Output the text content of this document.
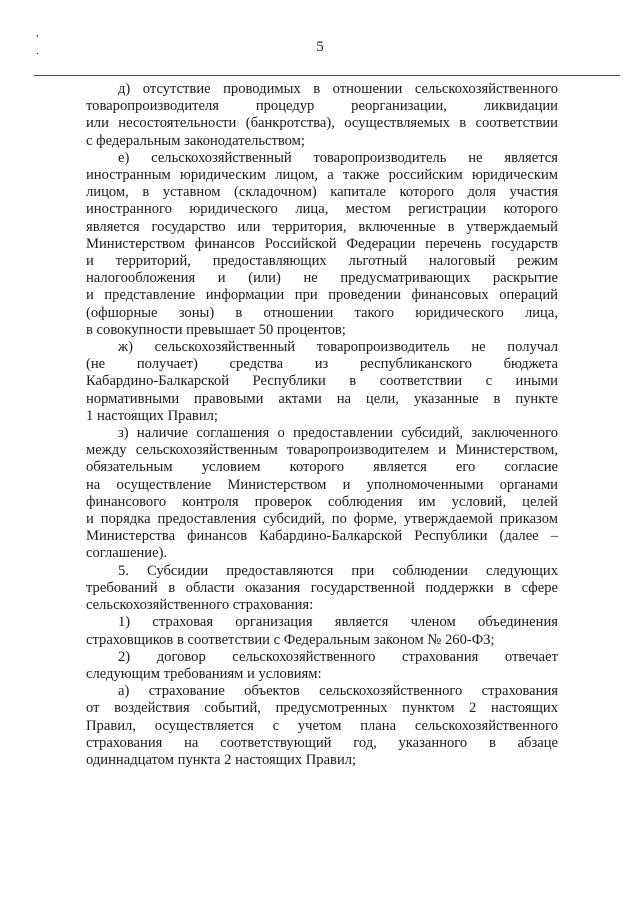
,
.	5
д) отсутствие проводимых в отношении сельскохозяйственного
товаропроизводителя процедур реорганизации, ликвидации
или несостоятельности (банкротства), осуществляемых в соответствии
с федеральным законодательством;
е) сельскохозяйственный товаропроизводитель не является
иностранным юридическим лицом, а также российским юридическим
лицом, в уставном (складочном) капитале которого доля участия
иностранного юридического лица, местом регистрации которого
является государство или территория, включенные в утверждаемый
Министерством финансов Российской Федерации перечень государств
и территорий, предоставляющих льготный налоговый режим
налогообложения и (или) не предусматривающих раскрытие
и представление информации при проведении финансовых операций
(офшорные зоны) в отношении такого юридического лица,
в совокупности превышает 50 процентов;
ж) сельскохозяйственный товаропроизводитель не получал
(не получает) средства из республиканского бюджета
Кабардино-Балкарской Республики в соответствии с иными
нормативными правовыми актами на цели, указанные в пункте
1 настоящих Правил;
з) наличие соглашения о предоставлении субсидий, заключенного
между сельскохозяйственным товаропроизводителем и Министерством,
обязательным условием которого является его согласие
на осуществление Министерством и уполномоченными органами
финансового контроля проверок соблюдения им условий, целей
и порядка предоставления субсидий, по форме, утверждаемой приказом
Министерства финансов Кабардино-Балкарской Республики (далее –
соглашение).
5. Субсидии предоставляются при соблюдении следующих
требований в области оказания государственной поддержки в сфере
сельскохозяйственного страхования:
1) страховая организация является членом объединения
страховщиков в соответствии с Федеральным законом № 260-ФЗ;
2) договор сельскохозяйственного страхования отвечает
следующим требованиям и условиям:
а) страхование объектов сельскохозяйственного страхования
от воздействия событий, предусмотренных пунктом 2 настоящих
Правил, осуществляется с учетом плана сельскохозяйственного
страхования на соответствующий год, указанного в абзаце
одиннадцатом пункта 2 настоящих Правил;
